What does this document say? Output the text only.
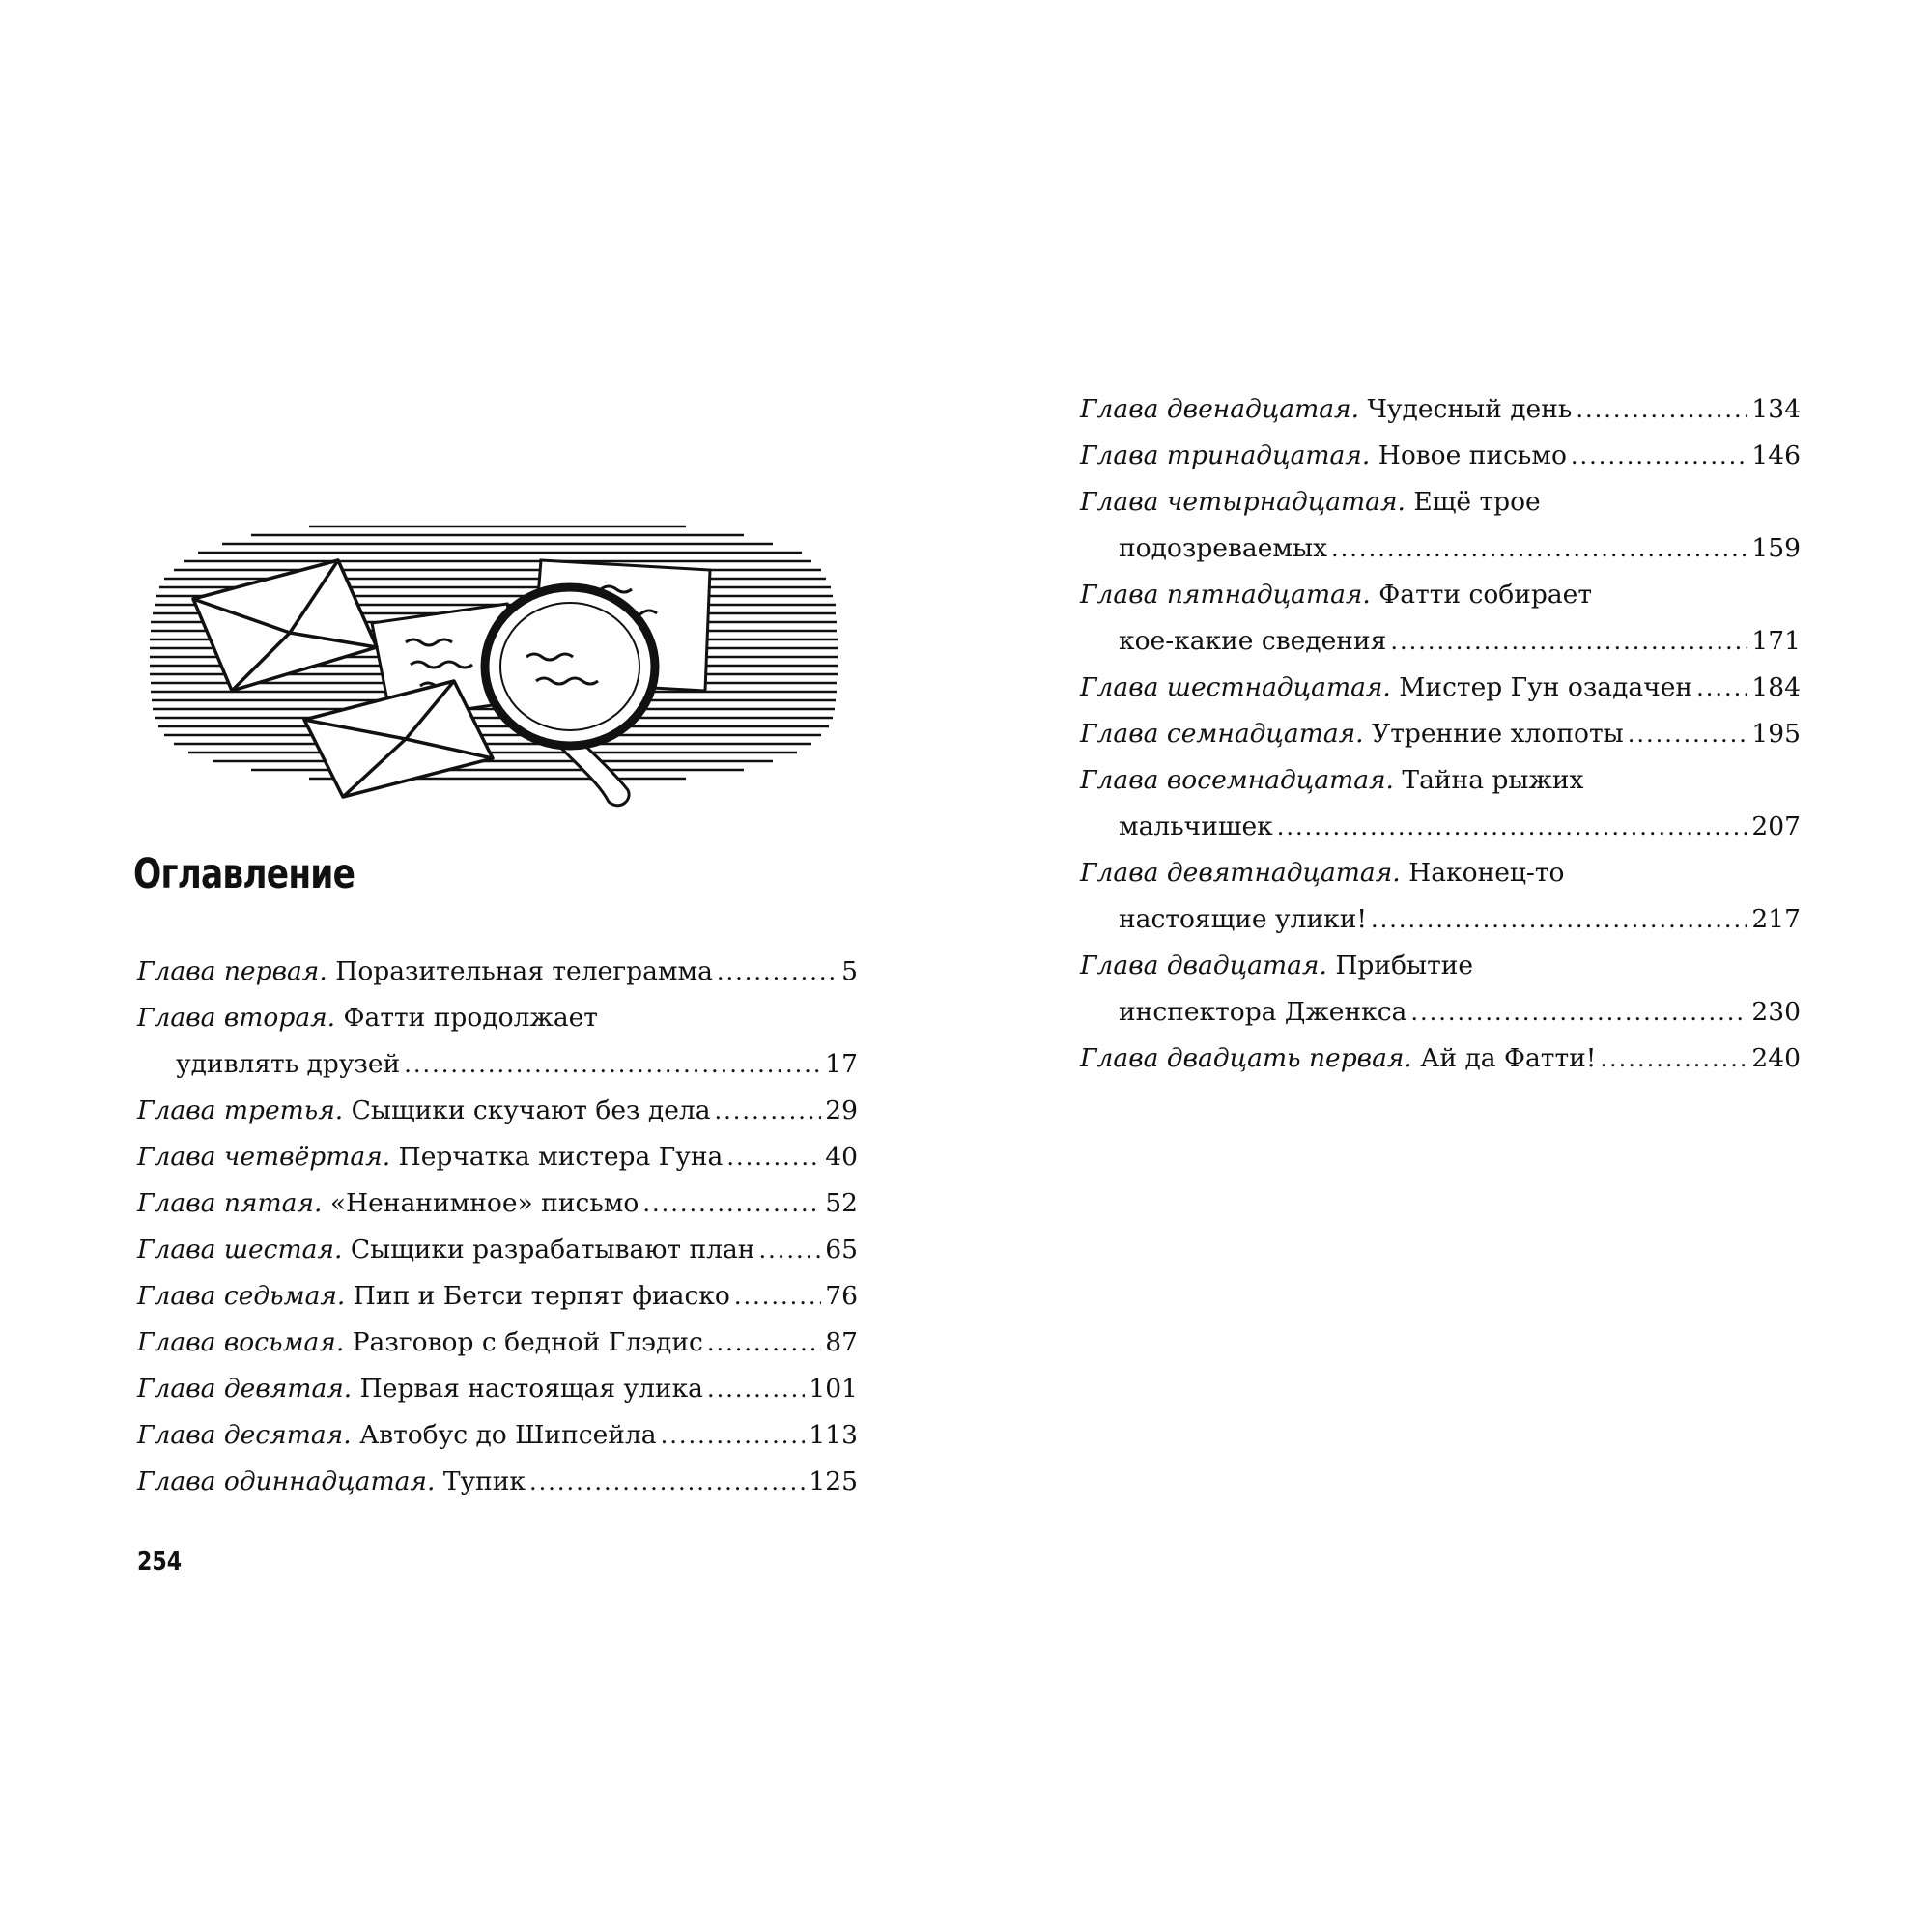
Оглавление
Глава первая. Поразительная телеграмма .....	5
Глава вторая. Фатти продолжает
удивлять друзей .....	17
Глава третья. Сыщики скучают без дела .....	29
Глава четвёртая. Перчатка мистера Гуна .....	40
Глава пятая. «Ненанимное» письмо .....	52
Глава шестая. Сыщики разрабатывают план .....	65
Глава седьмая. Пип и Бетси терпят фиаско .....	76
Глава восьмая. Разговор с бедной Глэдис .....	87
Глава девятая. Первая настоящая улика .....	101
Глава десятая. Автобус до Шипсейла .....	113
Глава одиннадцатая. Тупик .....	125
Глава двенадцатая. Чудесный день .....	134
Глава тринадцатая. Новое письмо .....	146
Глава четырнадцатая. Ещё трое
подозреваемых .....	159
Глава пятнадцатая. Фатти собирает
кое-какие сведения .....	171
Глава шестнадцатая. Мистер Гун озадачен ..... 184
Глава семнадцатая. Утренние хлопоты .....	195
Глава восемнадцатая. Тайна рыжих
мальчишек .....	207
Глава девятнадцатая. Наконец-то
настоящие улики! .....	217
Глава двадцатая. Прибытие
инспектора Дженкса .....	230
Глава двадцать первая. Ай да Фатти! .....	240

254
